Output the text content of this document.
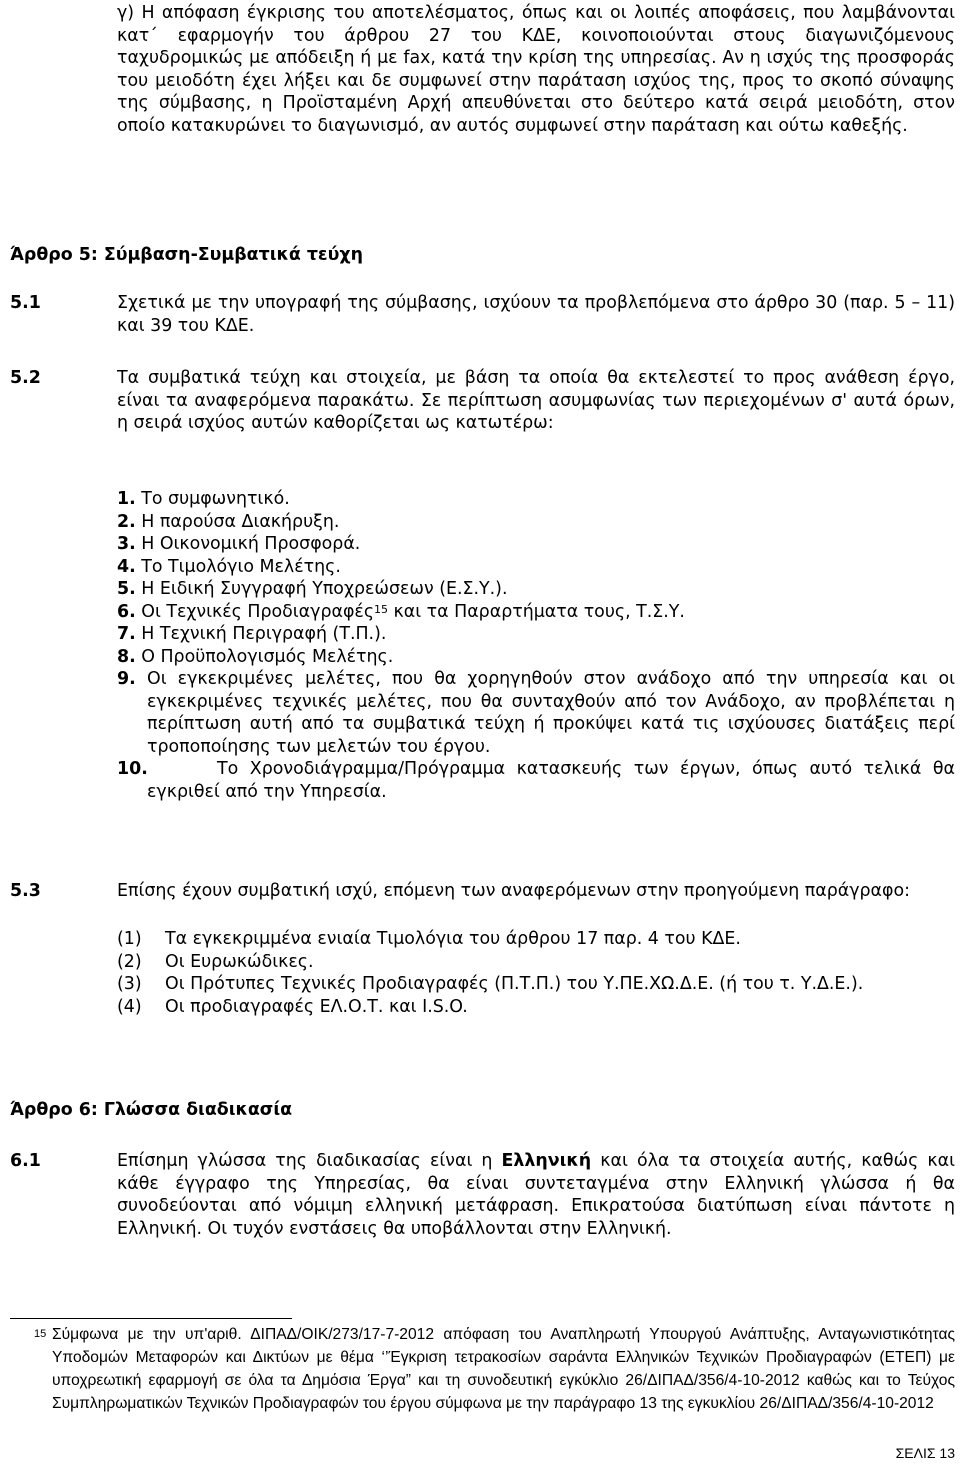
γ) Η απόφαση έγκρισης του αποτελέσματος, όπως και οι λοιπές αποφάσεις, που λαμβάνονται κατ΄ εφαρμογήν του άρθρου 27 του ΚΔΕ, κοινοποιούνται στους διαγωνιζόμενους ταχυδρομικώς με απόδειξη ή με fax, κατά την κρίση της υπηρεσίας. Αν η ισχύς της προσφοράς του μειοδότη έχει λήξει και δε συμφωνεί στην παράταση ισχύος της, προς το σκοπό σύναψης της σύμβασης, η Προϊσταμένη Αρχή απευθύνεται στο δεύτερο κατά σειρά μειοδότη, στον οποίο κατακυρώνει το διαγωνισμό, αν αυτός συμφωνεί στην παράταση και ούτω καθεξής.
Άρθρο 5: Σύμβαση-Συμβατικά τεύχη
5.1	Σχετικά με την υπογραφή της σύμβασης, ισχύουν τα προβλεπόμενα στο άρθρο 30 (παρ. 5 – 11) και 39 του ΚΔΕ.
5.2	Τα συμβατικά τεύχη και στοιχεία, με βάση τα οποία θα εκτελεστεί το προς ανάθεση έργο, είναι τα αναφερόμενα παρακάτω. Σε περίπτωση ασυμφωνίας των περιεχομένων σ' αυτά όρων, η σειρά ισχύος αυτών καθορίζεται ως κατωτέρω:
1. Το συμφωνητικό.
2. Η παρούσα Διακήρυξη.
3. Η Οικονομική Προσφορά.
4. Το Τιμολόγιο Μελέτης.
5. Η Ειδική Συγγραφή Υποχρεώσεων (Ε.Σ.Υ.).
6. Οι Τεχνικές Προδιαγραφές$^{15}$ και τα Παραρτήματα τους, Τ.Σ.Υ.
7. Η Τεχνική Περιγραφή (Τ.Π.).
8. Ο Προϋπολογισμός Μελέτης.
9. Οι εγκεκριμένες μελέτες, που θα χορηγηθούν στον ανάδοχο από την υπηρεσία και οι εγκεκριμένες τεχνικές μελέτες, που θα συνταχθούν από τον Ανάδοχο, αν προβλέπεται η περίπτωση αυτή από τα συμβατικά τεύχη ή προκύψει κατά τις ισχύουσες διατάξεις περί τροποποίησης των μελετών του έργου.
10.	Το Χρονοδιάγραμμα/Πρόγραμμα κατασκευής των έργων, όπως αυτό τελικά θα εγκριθεί από την Υπηρεσία.
5.3	Επίσης έχουν συμβατική ισχύ, επόμενη των αναφερόμενων στην προηγούμενη παράγραφο:
(1) Τα εγκεκριμμένα ενιαία Τιμολόγια του άρθρου 17 παρ. 4 του ΚΔΕ.
(2) Οι Ευρωκώδικες.
(3) Οι Πρότυπες Τεχνικές Προδιαγραφές (Π.Τ.Π.) του Υ.ΠΕ.ΧΩ.Δ.Ε. (ή του τ. Υ.Δ.Ε.).
(4) Οι προδιαγραφές ΕΛ.Ο.Τ. και I.S.O.
Άρθρο 6: Γλώσσα διαδικασία
6.1	Επίσημη γλώσσα της διαδικασίας είναι η Ελληνική και όλα τα στοιχεία αυτής, καθώς και κάθε έγγραφο της Υπηρεσίας, θα είναι συντεταγμένα στην Ελληνική γλώσσα ή θα συνοδεύονται από νόμιμη ελληνική μετάφραση. Επικρατούσα διατύπωση είναι πάντοτε η Ελληνική. Οι τυχόν ενστάσεις θα υποβάλλονται στην Ελληνική.
15 Σύμφωνα με την υπ'αριθ. ΔΙΠΑΔ/ΟΙΚ/273/17-7-2012 απόφαση του Αναπληρωτή Υπουργού Ανάπτυξης, Ανταγωνιστικότητας Υποδομών Μεταφορών και Δικτύων με θέμα ‘’Έγκριση τετρακοσίων σαράντα Ελληνικών Τεχνικών Προδιαγραφών (ΕΤΕΠ) με υποχρεωτική εφαρμογή σε όλα τα Δημόσια Έργα” και τη συνοδευτική εγκύκλιο 26/ΔΙΠΑΔ/356/4-10-2012 καθώς και το Τεύχος Συμπληρωματικών Τεχνικών Προδιαγραφών του έργου σύμφωνα με την παράγραφο 13 της εγκυκλίου 26/ΔΙΠΑΔ/356/4-10-2012
ΣΕΛΙΣ 13
